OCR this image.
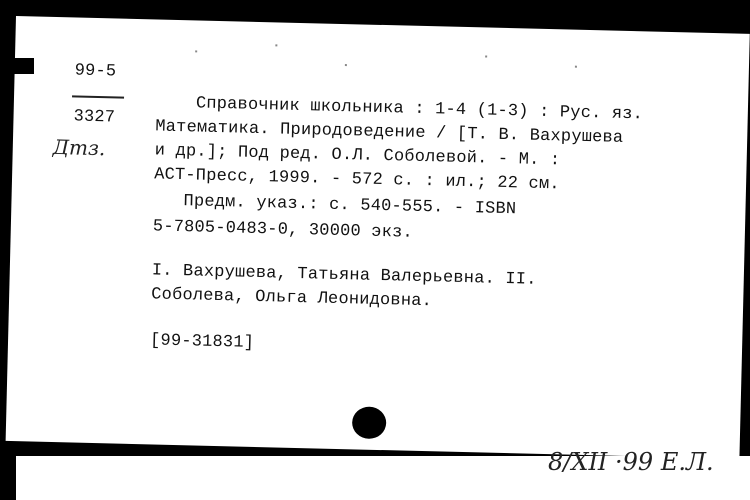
99-5
3327
Дтз.
Справочник школьника : 1-4 (1-3) : Рус. яз.
Математика. Природоведение / [Т. В. Вахрушева
и др.]; Под ред. О.Л. Соболевой. - М. :
АСТ-Пресс, 1999. - 572 с. : ил.; 22 см.
Предм. указ.: с. 540-555. - ISBN
5-7805-0483-0, 30000 экз.
I. Вахрушева, Татьяна Валерьевна. II.
Соболева, Ольга Леонидовна.
[99-31831]
8/XII ·99 Е.Л.
